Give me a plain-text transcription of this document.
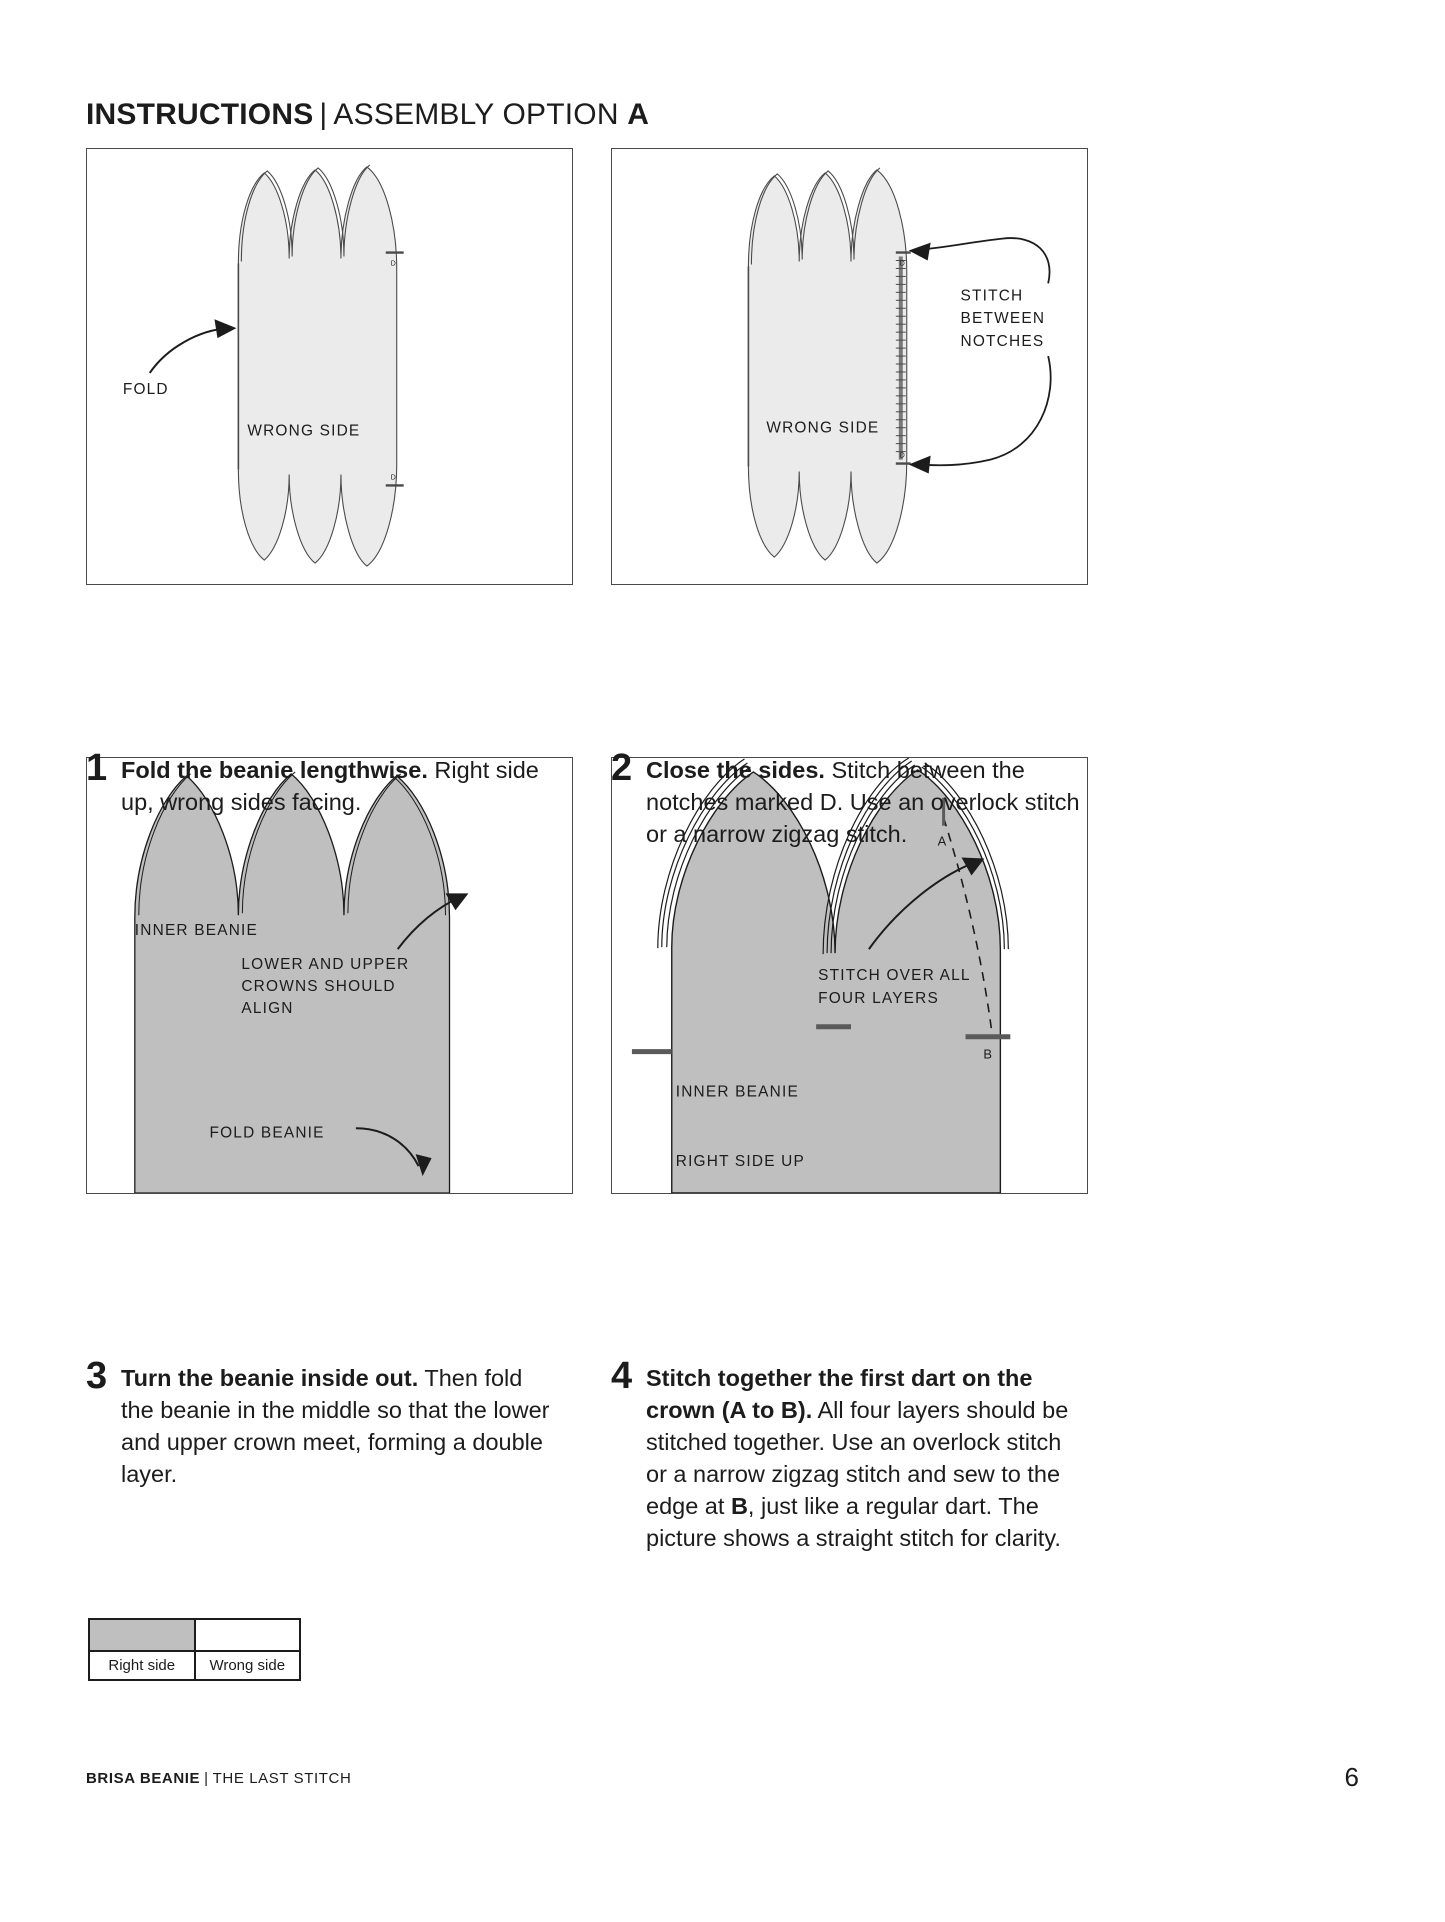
INSTRUCTIONS | ASSEMBLY OPTION A
D
D
FOLD
WRONG SIDE
D
D
STITCH
BETWEEN
NOTCHES
WRONG SIDE
INNER BEANIE
LOWER AND UPPER
CROWNS SHOULD
ALIGN
FOLD BEANIE
A
B
STITCH OVER ALL
FOUR LAYERS
INNER BEANIE
RIGHT SIDE UP
1 Fold the beanie lengthwise. Right side up, wrong sides facing.
2 Close the sides. Stitch between the notches marked D. Use an overlock stitch or a narrow zigzag stitch.
3 Turn the beanie inside out. Then fold the beanie in the middle so that the lower and upper crown meet, forming a double layer.
4 Stitch together the first dart on the crown (A to B). All four layers should be stitched together. Use an overlock stitch or a narrow zigzag stitch and sew to the edge at B, just like a regular dart. The picture shows a straight stitch for clarity.
Right side	Wrong side
BRISA BEANIE | THE LAST STITCH	6
